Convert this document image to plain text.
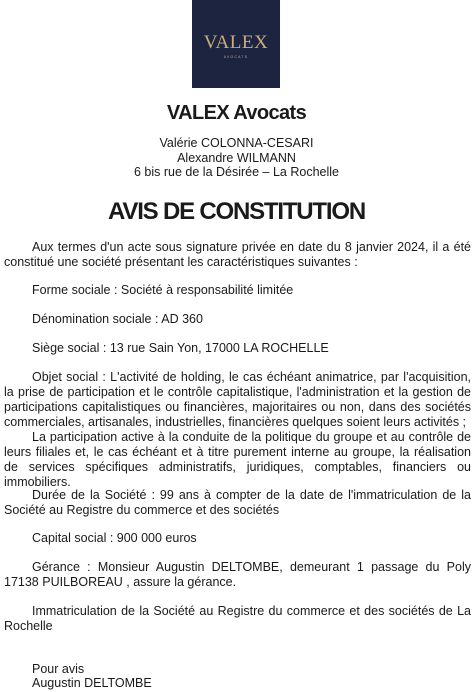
VALEX
AVOCATS
VALEX Avocats
Valérie COLONNA-CESARI
Alexandre WILMANN
6 bis rue de la Désirée – La Rochelle
AVIS DE CONSTITUTION

Aux termes d'un acte sous signature privée en date du 8 janvier 2024, il a été constitué une société présentant les caractéristiques suivantes :

Forme sociale : Société à responsabilité limitée
Dénomination sociale : AD 360
Siège social : 13 rue Sain Yon, 17000 LA ROCHELLE

Objet social : L'activité de holding, le cas échéant animatrice, par l'acquisition, la prise de participation et le contrôle capitalistique, l'administration et la gestion de participations capitalistiques ou financières, majoritaires ou non, dans des sociétés commerciales, artisanales, industrielles, financières quelques soient leurs activités ;

La participation active à la conduite de la politique du groupe et au contrôle de leurs filiales et, le cas échéant et à titre purement interne au groupe, la réalisation de services spécifiques administratifs, juridiques, comptables, financiers ou immobiliers.

Durée de la Société : 99 ans à compter de la date de l'immatriculation de la Société au Registre du commerce et des sociétés

Capital social : 900 000 euros

Gérance : Monsieur Augustin DELTOMBE, demeurant 1 passage du Poly 17138 PUILBOREAU , assure la gérance.

Immatriculation de la Société au Registre du commerce et des sociétés de La Rochelle

Pour avis
Augustin DELTOMBE
